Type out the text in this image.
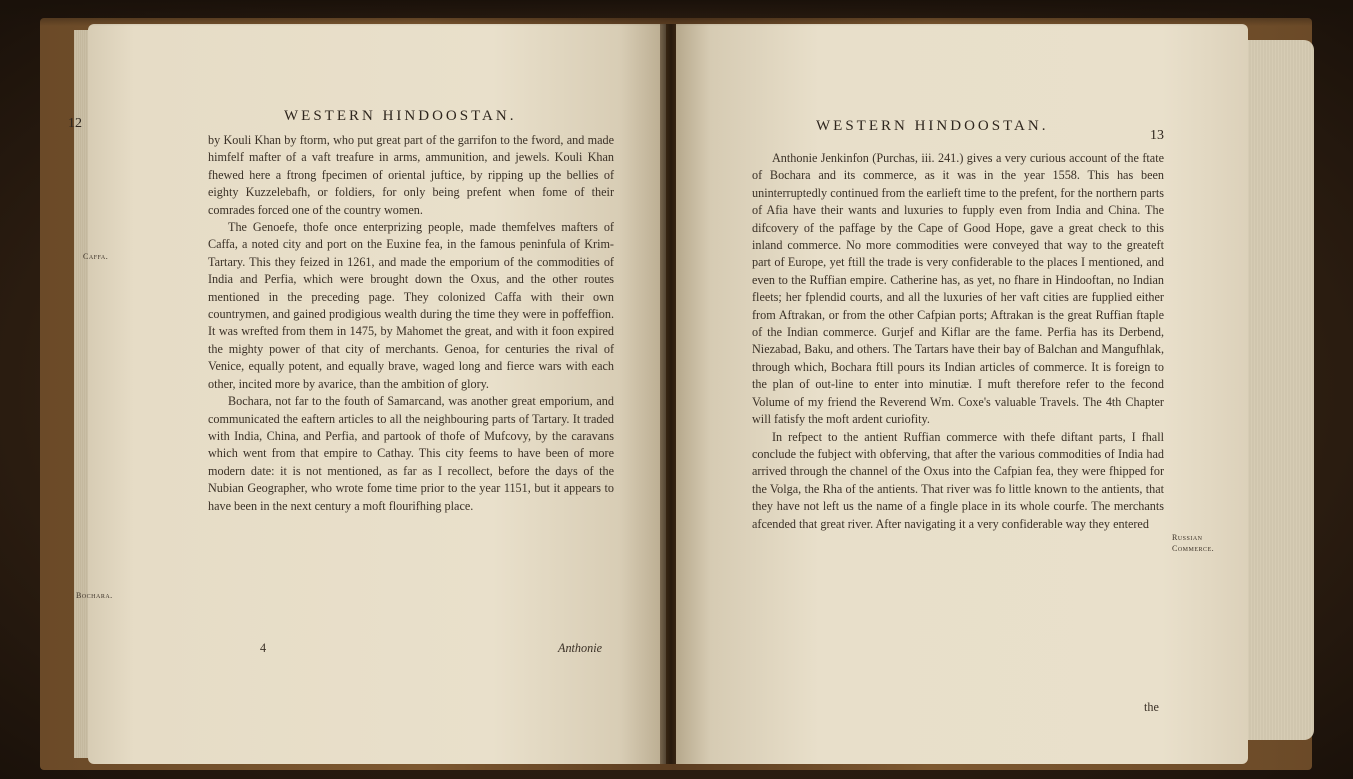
12	WESTERN HINDOOSTAN.

Caffa.

Bochara.

by Kouli Khan by ftorm, who put great part of the garrifon to the fword, and made himfelf mafter of a vaft treafure in arms, ammunition, and jewels. Kouli Khan fhewed here a ftrong fpecimen of oriental juftice, by ripping up the bellies of eighty Kuzzelebafh, or foldiers, for only being prefent when fome of their comrades forced one of the country women.

The Genoefe, thofe once enterprizing people, made themfelves mafters of Caffa, a noted city and port on the Euxine fea, in the famous peninfula of Krim-Tartary. This they feized in 1261, and made the emporium of the commodities of India and Perfia, which were brought down the Oxus, and the other routes mentioned in the preceding page. They colonized Caffa with their own countrymen, and gained prodigious wealth during the time they were in poffeffion. It was wrefted from them in 1475, by Mahomet the great, and with it foon expired the mighty power of that city of merchants. Genoa, for centuries the rival of Venice, equally potent, and equally brave, waged long and fierce wars with each other, incited more by avarice, than the ambition of glory.

Bochara, not far to the fouth of Samarcand, was another great emporium, and communicated the eaftern articles to all the neighbouring parts of Tartary. It traded with India, China, and Perfia, and partook of thofe of Mufcovy, by the caravans which went from that empire to Cathay. This city feems to have been of more modern date: it is not mentioned, as far as I recollect, before the days of the Nubian Geographer, who wrote fome time prior to the year 1151, but it appears to have been in the next century a moft flourifhing place.

4	Anthonie
WESTERN HINDOOSTAN.
13

Anthonie Jenkinfon (Purchas, iii. 241.) gives a very curious account of the ftate of Bochara and its commerce, as it was in the year 1558. This has been uninterruptedly continued from the earlieft time to the prefent, for the northern parts of Afia have their wants and luxuries to fupply even from India and China. The difcovery of the paffage by the Cape of Good Hope, gave a great check to this inland commerce. No more commodities were conveyed that way to the greateft part of Europe, yet ftill the trade is very confiderable to the places I mentioned, and even to the Ruffian empire. Catherine has, as yet, no fhare in Hindooftan, no Indian fleets; her fplendid courts, and all the luxuries of her vaft cities are fupplied either from Aftrakan, or from the other Cafpian ports; Aftrakan is the great Ruffian ftaple of the Indian commerce. Gurjef and Kiflar are the fame. Perfia has its Derbend, Niezabad, Baku, and others. The Tartars have their bay of Balchan and Mangufhlak, through which, Bochara ftill pours its Indian articles of commerce. It is foreign to the plan of out-line to enter into minutiæ. I muft therefore refer to the fecond Volume of my friend the Reverend Wm. Coxe's valuable Travels. The 4th Chapter will fatisfy the moft ardent curiofity.

In refpect to the antient Ruffian commerce with thefe diftant parts, I fhall conclude the fubject with obferving, that after the various commodities of India had arrived through the channel of the Oxus into the Cafpian fea, they were fhipped for the Volga, the Rha of the antients. That river was fo little known to the antients, that they have not left us the name of a fingle place in its whole courfe. The merchants afcended that great river. After navigating it a very confiderable way they entered

Russian Commerce.

the
